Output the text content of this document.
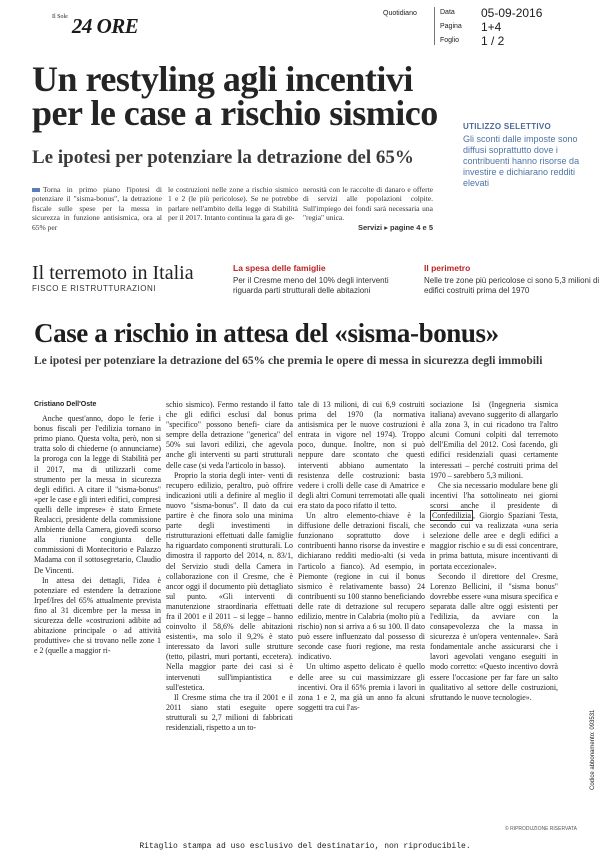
$^{Il Sole}$ 24 ORE
Quotidiano	Data 05-09-2016
Pagina 1+4
Foglio 1 / 2
Un restyling agli incentivi
per le case a rischio sismico
Le ipotesi per potenziare la detrazione del 65%
UTILIZZO SELETTIVO
Gli sconti dalle imposte sono diffusi soprattutto dove i contribuenti hanno risorse da investire e dichiarano redditi elevati
Torna in primo piano l'ipotesi di potenziare il "sisma-bonus", la detrazione fiscale sulle spese per la messa in sicurezza in funzione antisismica, ora al 65% per
le costruzioni nelle zone a rischio sismico 1 e 2 (le più pericolose). Se ne potrebbe parlare nell'ambito della legge di Stabilità per il 2017. Intanto continua la gara di ge-
nerosità con le raccolte di danaro e offerte di servizi alle popolazioni colpite. Sull'impiego dei fondi sarà necessaria una "regia" unica.
Servizi ▸ pagine 4 e 5
Il terremoto in Italia
FISCO E RISTRUTTURAZIONI
La spesa delle famiglie
Per il Cresme meno del 10% degli interventi riguarda parti strutturali delle abitazioni
Il perimetro
Nelle tre zone più pericolose ci sono 5,3 milioni di edifici costruiti prima del 1970
Case a rischio in attesa del «sisma-bonus»
Le ipotesi per potenziare la detrazione del 65% che premia le opere di messa in sicurezza degli immobili
Cristiano Dell'Oste

Anche quest'anno, dopo le ferie i bonus fiscali per l'edilizia tornano in primo piano. Questa volta, però, non si tratta solo di chiederne (o annunciarne) la proroga con la legge di Stabilità per il 2017, ma di utilizzarli come strumento per la messa in sicurezza degli edifici. A citare il "sisma-bonus" «per le case e gli interi edifici, compresi quelli delle imprese» è stato Ermete Realacci, presidente della commissione Ambiente della Camera, giovedì scorso alla riunione congiunta delle commissioni di Montecitorio e Palazzo Madama con il sottosegretario, Claudio De Vincenti.

In attesa dei dettagli, l'idea è potenziare ed estendere la detrazione Irpef/Ires del 65% attualmente prevista fino al 31 dicembre per la messa in sicurezza delle «costruzioni adibite ad abitazione principale o ad attività produttive» che si trovano nelle zone 1 e 2 (quelle a maggior ri-

schio sismico). Fermo restando il fatto che gli edifici esclusi dal bonus "specifico" possono benefi- ciare da sempre della detrazione "generica" del 50% sui lavori edilizi, che agevola anche gli interventi su parti strutturali delle case (si veda l'articolo in basso).

Proprio la storia degli inter- venti di recupero edilizio, peraltro, può offrire indicazioni utili a definire al meglio il nuovo "sisma-bonus". Il dato da cui partire è che finora solo una minima parte degli investimenti in ristrutturazioni effettuati dalle famiglie ha riguardato componenti strutturali. Lo dimostra il rapporto del 2014, n. 83/1, del Servizio studi della Camera in collaborazione con il Cresme, che è ancor oggi il documento più dettagliato sul punto. «Gli interventi di manutenzione straordinaria effettuati fra il 2001 e il 2011 – si legge – hanno coinvolto il 58,6% delle abitazioni esistenti», ma solo il 9,2% è stato interessato da lavori sulle strutture (tetto, pilastri, muri portanti, eccetera). Nella maggior parte dei casi si è intervenuti sull'impiantistica e sull'estetica.

Il Cresme stima che tra il 2001 e il 2011 siano stati eseguite opere strutturali su 2,7 milioni di fabbricati residenziali, rispetto a un to-

tale di 13 milioni, di cui 6,9 costruiti prima del 1970 (la normativa antisismica per le nuove costruzioni è entrata in vigore nel 1974). Troppo poco, dunque. Inoltre, non si può neppure dare scontato che questi interventi abbiano aumentato la resistenza delle costruzioni: basta vedere i crolli delle case di Amatrice e degli altri Comuni terremotati alle quali era stato da poco rifatto il tetto.

Un altro elemento-chiave è la diffusione delle detrazioni fiscali, che funzionano soprattutto dove i contribuenti hanno risorse da investire e dichiarano redditi medio-alti (si veda l'articolo a fianco). Ad esempio, in Piemonte (regione in cui il bonus sismico è relativamente basso) 24 contribuenti su 100 stanno beneficiando delle rate di detrazione sul recupero edilizio, mentre in Calabria (molto più a rischio) non si arriva a 6 su 100. Il dato può essere influenzato dal possesso di seconde case fuori regione, ma resta indicativo.

Un ultimo aspetto delicato è quello delle aree su cui massimizzare gli incentivi. Ora il 65% premia i lavori in zona 1 e 2, ma già un anno fa alcuni soggetti tra cui l'as-

sociazione Isi (Ingegneria sismica italiana) avevano suggerito di allargarlo alla zona 3, in cui ricadono tra l'altro alcuni Comuni colpiti dal terremoto dell'Emilia del 2012. Così facendo, gli edifici residenziali quasi certamente interessati – perché costruiti prima del 1970 – sarebbero 5,3 milioni.

Che sia necessario modulare bene gli incentivi l'ha sottolineato nei giorni scorsi anche il presidente di Confedilizia , Giorgio Spaziani Testa, secondo cui va realizzata «una seria selezione delle aree e degli edifici a maggior rischio e su di essi concentrare, in prima battuta, misure incentivanti di portata eccezionale».

Secondo il direttore del Cresme, Lorenzo Bellicini, il "sisma bonus" dovrebbe essere «una misura specifica e separata dalle altre oggi esistenti per l'edilizia, da avviare con la consapevolezza che la massa in sicurezza è un'opera ventennale». Sarà fondamentale anche assicurarsi che i lavori agevolati vengano eseguiti in modo corretto: «Questo incentivo dovrà essere l'occasione per far fare un salto qualitativo al settore delle costruzioni, sfruttando le nuove tecnologie».

© RIPRODUZIONE RISERVATA
Codice abbonamento: 093531
Ritaglio stampa ad uso esclusivo del destinatario, non riproducibile.
